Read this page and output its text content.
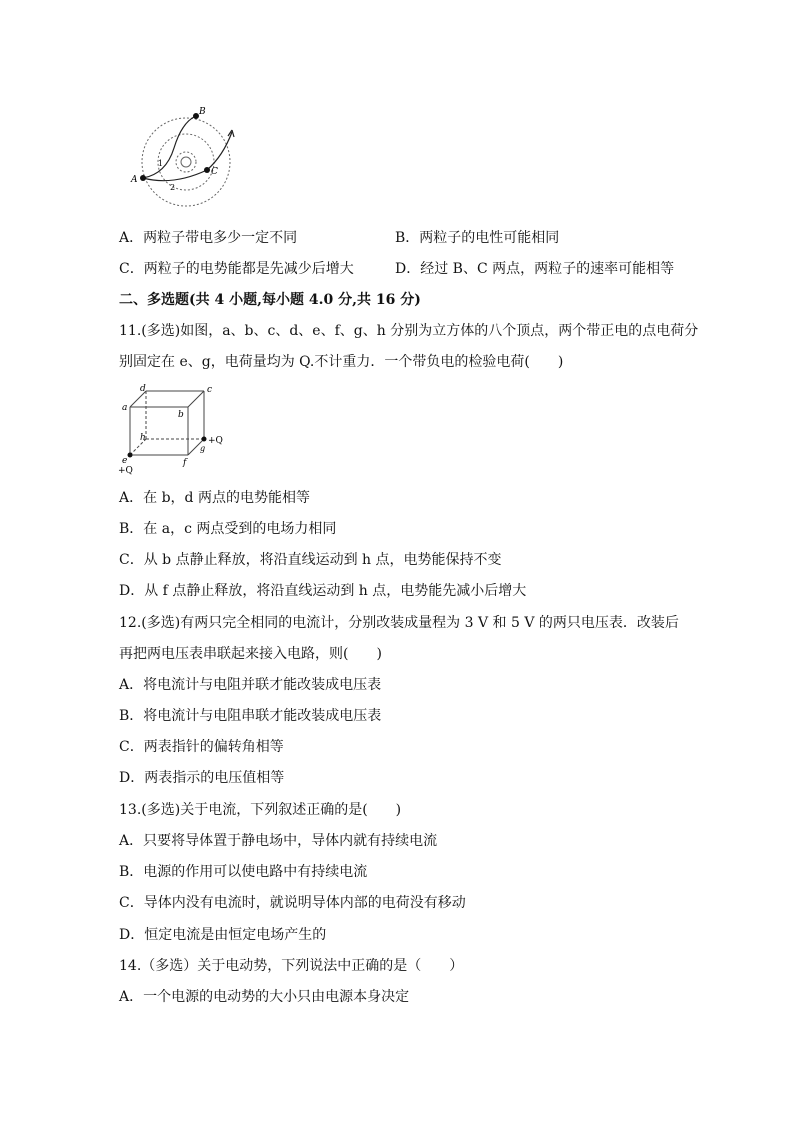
B
A
C
1
2
A．两粒子带电多少一定不同	B．两粒子的电性可能相同
C．两粒子的电势能都是先减少后增大	D．经过 B、C 两点，两粒子的速率可能相等
二、多选题(共 4 小题,每小题 4.0 分,共 16 分)
11.(多选)如图，a、b、c、d、e、f、g、h 分别为立方体的八个顶点，两个带正电的点电荷分
别固定在 e、g，电荷量均为 Q.不计重力．一个带负电的检验电荷(　　)
d	c
a
b
h
g
+Q
e
+Q
f
A．在 b，d 两点的电势能相等
B．在 a，c 两点受到的电场力相同
C．从 b 点静止释放，将沿直线运动到 h 点，电势能保持不变
D．从 f 点静止释放，将沿直线运动到 h 点，电势能先减小后增大
12.(多选)有两只完全相同的电流计，分别改装成量程为 3 V 和 5 V 的两只电压表．改装后
再把两电压表串联起来接入电路，则(　　)
A．将电流计与电阻并联才能改装成电压表
B．将电流计与电阻串联才能改装成电压表
C．两表指针的偏转角相等
D．两表指示的电压值相等
13.(多选)关于电流，下列叙述正确的是(　　)
A．只要将导体置于静电场中，导体内就有持续电流
B．电源的作用可以使电路中有持续电流
C．导体内没有电流时，就说明导体内部的电荷没有移动
D．恒定电流是由恒定电场产生的
14.（多选）关于电动势，下列说法中正确的是（　　）
A．一个电源的电动势的大小只由电源本身决定
